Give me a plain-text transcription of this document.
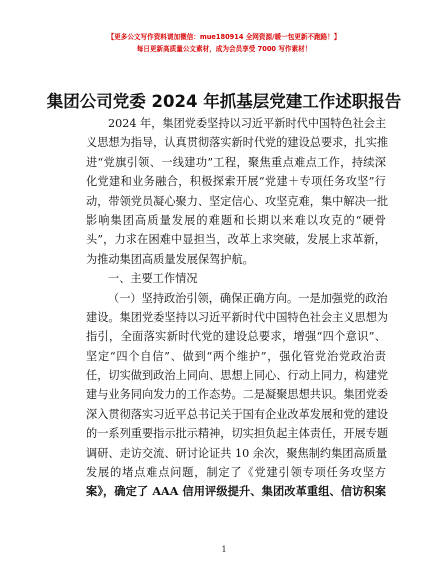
【更多公文写作资料请加微信：mue180914 全网资源/暖一包更新不跑路！】
每日更新高质量公文素材，成为会员享受 7000 写作素材！
集团公司党委 2024 年抓基层党建工作述职报告
2024 年，集团党委坚持以习近平新时代中国特色社会主
义思想为指导，认真贯彻落实新时代党的建设总要求，扎实推
进“党旗引领、一线建功”工程，聚焦重点难点工作，持续深
化党建和业务融合，积极探索开展“党建＋专项任务攻坚”行
动，带领党员凝心聚力、坚定信心、攻坚克难，集中解决一批
影响集团高质量发展的难题和长期以来难以攻克的“硬骨
头”，力求在困难中显担当，改革上求突破，发展上求革新，
为推动集团高质量发展保驾护航。
一、主要工作情况
（一）坚持政治引领，确保正确方向。一是加强党的政治
建设。集团党委坚持以习近平新时代中国特色社会主义思想为
指引，全面落实新时代党的建设总要求，增强“四个意识”、
坚定“四个自信”、做到“两个维护”，强化管党治党政治责
任，切实做到政治上同向、思想上同心、行动上同力，构建党
建与业务同向发力的工作态势。二是凝聚思想共识。集团党委
深入贯彻落实习近平总书记关于国有企业改革发展和党的建设
的一系列重要指示批示精神，切实担负起主体责任，开展专题
调研、走访交流、研讨论证共 10 余次，聚焦制约集团高质量
发展的堵点难点问题，制定了《党建引领专项任务攻坚方
案》，确定了 AAA 信用评级提升、集团改革重组、信访积案
1
